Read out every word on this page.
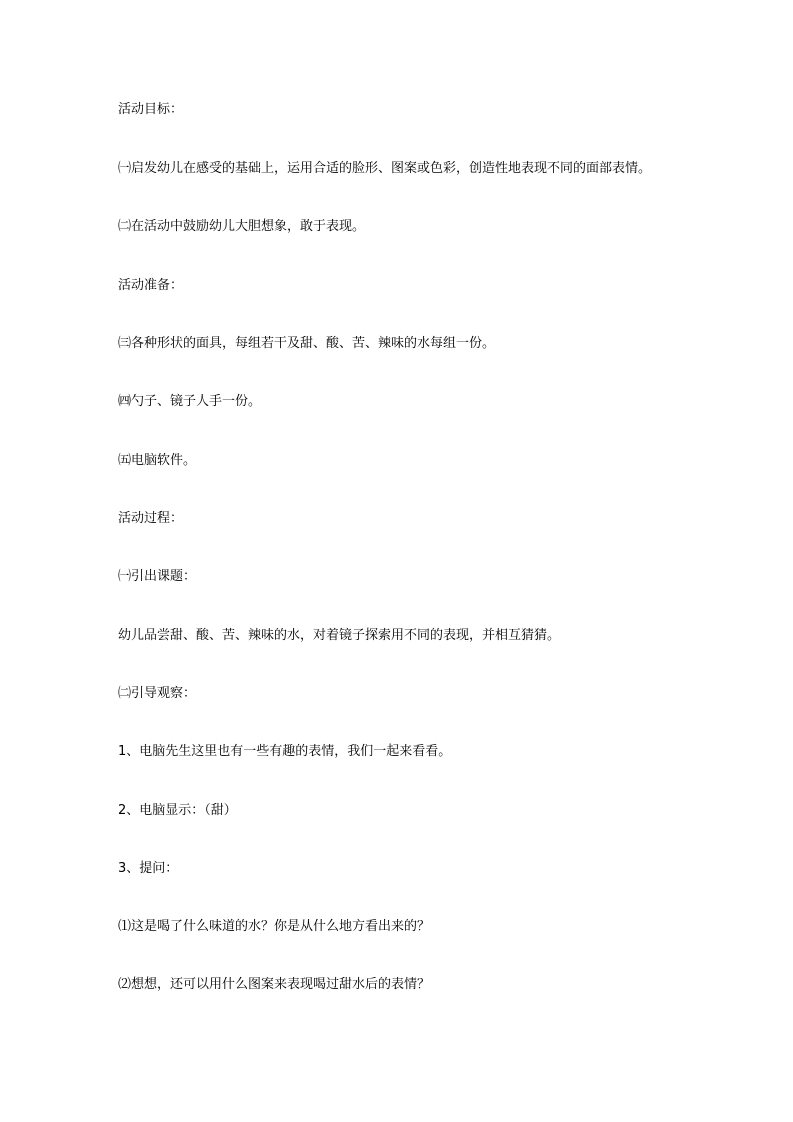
活动目标：
㈠启发幼儿在感受的基础上，运用合适的脸形、图案或色彩，创造性地表现不同的面部表情。
㈡在活动中鼓励幼儿大胆想象，敢于表现。
活动准备：
㈢各种形状的面具，每组若干及甜、酸、苦、辣味的水每组一份。
㈣勺子、镜子人手一份。
㈤电脑软件。
活动过程：
㈠引出课题：
幼儿品尝甜、酸、苦、辣味的水，对着镜子探索用不同的表现，并相互猜猜。
㈡引导观察：
1、电脑先生这里也有一些有趣的表情，我们一起来看看。
2、电脑显示：（甜）
3、提问：
⑴这是喝了什么味道的水？你是从什么地方看出来的？
⑵想想，还可以用什么图案来表现喝过甜水后的表情？
